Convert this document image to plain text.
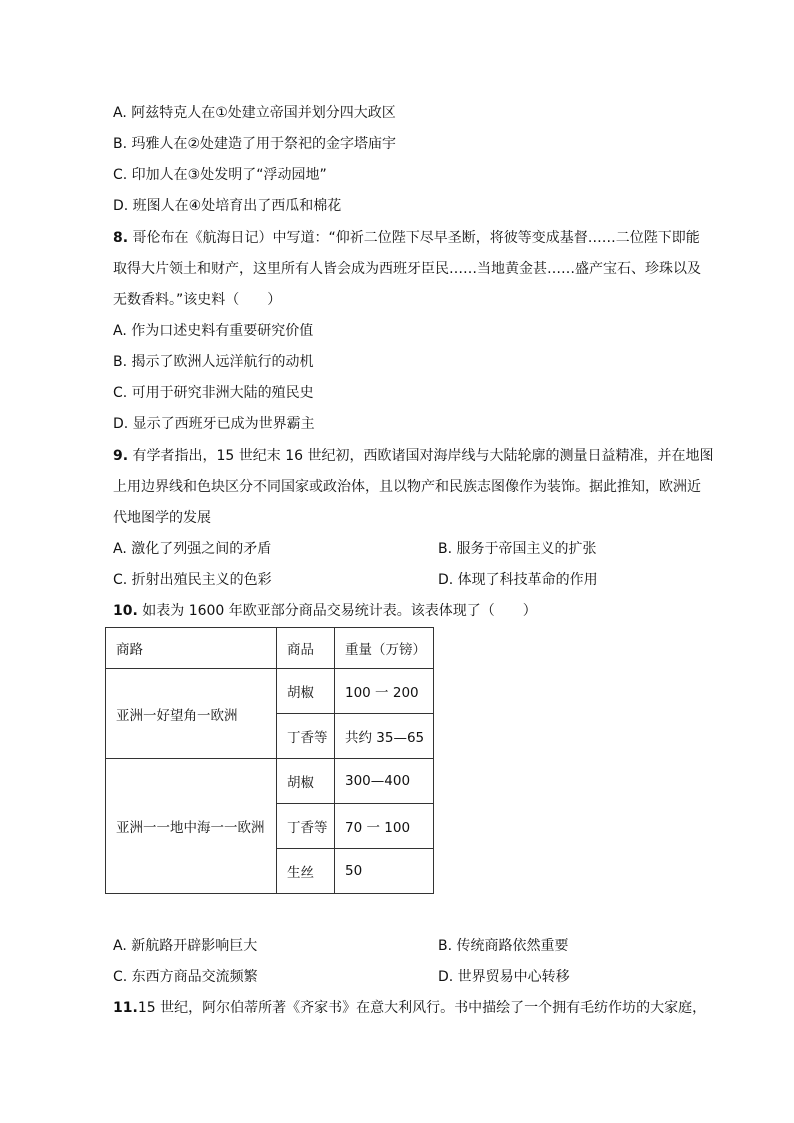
A. 阿兹特克人在①处建立帝国并划分四大政区
B. 玛雅人在②处建造了用于祭祀的金字塔庙宇
C. 印加人在③处发明了“浮动园地”
D. 班图人在④处培育出了西瓜和棉花
8. 哥伦布在《航海日记）中写道：“仰祈二位陛下尽早圣断，将彼等变成基督……二位陛下即能
取得大片领土和财产，这里所有人皆会成为西班牙臣民……当地黄金甚……盛产宝石、珍珠以及
无数香料。”该史料（　　）
A. 作为口述史料有重要研究价值
B. 揭示了欧洲人远洋航行的动机
C. 可用于研究非洲大陆的殖民史
D. 显示了西班牙已成为世界霸主
9. 有学者指出，15 世纪末 16 世纪初，西欧诸国对海岸线与大陆轮廓的测量日益精准，并在地图
上用边界线和色块区分不同国家或政治体，且以物产和民族志图像作为装饰。据此推知，欧洲近
代地图学的发展
A. 激化了列强之间的矛盾	B. 服务于帝国主义的扩张
C. 折射出殖民主义的色彩	D. 体现了科技革命的作用
10. 如表为 1600 年欧亚部分商品交易统计表。该表体现了（　　）
商路	商品	重量（万镑）
亚洲一好望角一欧洲	胡椒	100 一 200
	丁香等	共约 35—65
亚洲一一地中海一一欧洲	胡椒	300—400
	丁香等	70 一 100
	生丝	50
A. 新航路开辟影响巨大	B. 传统商路依然重要
C. 东西方商品交流频繁	D. 世界贸易中心转移
11.15 世纪，阿尔伯蒂所著《齐家书》在意大利风行。书中描绘了一个拥有毛纺作坊的大家庭，
